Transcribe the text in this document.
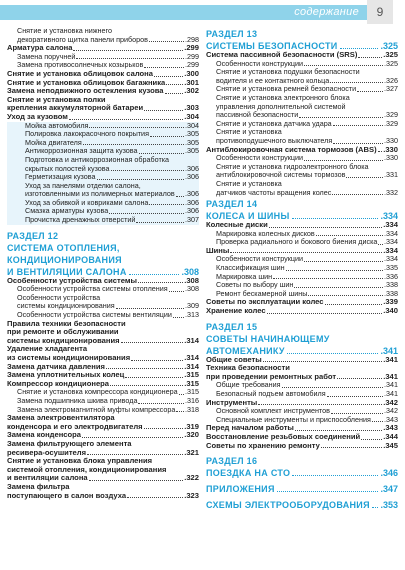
содержание	9
Снятие и установка нижнего
декоративного щитка панели приборов	.298
Арматура салона	.299
Замена поручней	.299
Замена противосолнечных козырьков	.299
Снятие и установка облицовок салона	.300
Снятие и установка облицовок багажника .301
Замена неподвижного остекления кузова	.302
Снятие и установка полки
крепления аккумуляторной батареи	.303
Уход за кузовом	.304
Мойка автомобиля	.304
Полировка лакокрасочного покрытия	.305
Мойка двигателя	.305
Антикоррозионная защита кузова	.305
Подготовка и антикоррозионная обработка
скрытых полостей кузова	.306
Герметизация кузова	.306
Уход за панелями отделки салона,
изготовленными из полимерных материалов .306
Уход за обивкой и ковриками салона	.306
Смазка арматуры кузова	.306
Прочистка дренажных отверстий	.307
РАЗДЕЛ 12
СИСТЕМА ОТОПЛЕНИЯ,
КОНДИЦИОНИРОВАНИЯ
И ВЕНТИЛЯЦИИ САЛОНА	.308
Особенности устройства системы	.308
Особенности устройства системы отопления .308
Особенности устройства
системы кондиционирования	.309
Особенности устройства системы вентиляции .313
Правила техники безопасности
при ремонте и обслуживании
системы кондиционирования	.314
Удаление хладагента
из системы кондиционирования	.314
Замена датчика давления	.314
Замена уплотнительных колец	.315
Компрессор кондиционера	.315
Снятие и установка компрессора кондиционера .315
Замена подшипника шкива привода	.316
Замена электромагнитной муфты компрессора .318
Замена электровентилятора
конденсора и его электродвигателя	.319
Замена конденсора	.320
Замена фильтрующего элемента
ресивера-осушителя	.321
Снятие и установка блока управления
системой отопления, кондиционирования
и вентиляции салона	.322
Замена фильтра
поступающего в салон воздуха	.323
РАЗДЕЛ 13
СИСТЕМЫ БЕЗОПАСНОСТИ	.325
Система пассивной безопасности (SRS)	.325
Особенности конструкции	.325
Снятие и установка подушки безопасности
водителя и ее контактного кольца	.326
Снятие и установка ремней безопасности	.327
Снятие и установка электронного блока
управления дополнительной системой
пассивной безопасности	.329
Снятие и установка датчика удара	.329
Снятие и установка
противоподушечного выключателя	.330
Антиблокировочная система тормозов (ABS) .330
Особенности конструкции	.330
Снятие и установка гидроэлектронного блока
антиблокировочной системы тормозов	.331
Снятие и установка
датчиков частоты вращения колес	.332
РАЗДЕЛ 14
КОЛЕСА И ШИНЫ	.334
Колесные диски	.334
Маркировка колесных дисков	.334
Проверка радиального и бокового биения диска .334
Шины	.334
Особенности конструкции	.334
Классификация шин	.335
Маркировка шин	.336
Советы по выбору шин	.338
Ремонт бескамерной шины	.338
Советы по эксплуатации колес	.339
Хранение колес	.340
РАЗДЕЛ 15
СОВЕТЫ НАЧИНАЮЩЕМУ
АВТОМЕХАНИКУ	.341
Общие советы	.341
Техника безопасности
при проведении ремонтных работ	.341
Общие требования	.341
Безопасный подъем автомобиля	.341
Инструменты	.342
Основной комплект инструментов	.342
Специальные инструменты и приспособления .343
Перед началом работы	.343
Восстановление резьбовых соединений	.344
Советы по хранению ремонту	.345
РАЗДЕЛ 16
ПОЕЗДКА НА СТО	.346
ПРИЛОЖЕНИЯ	.347
СХЕМЫ ЭЛЕКТРООБОРУДОВАНИЯ .353
